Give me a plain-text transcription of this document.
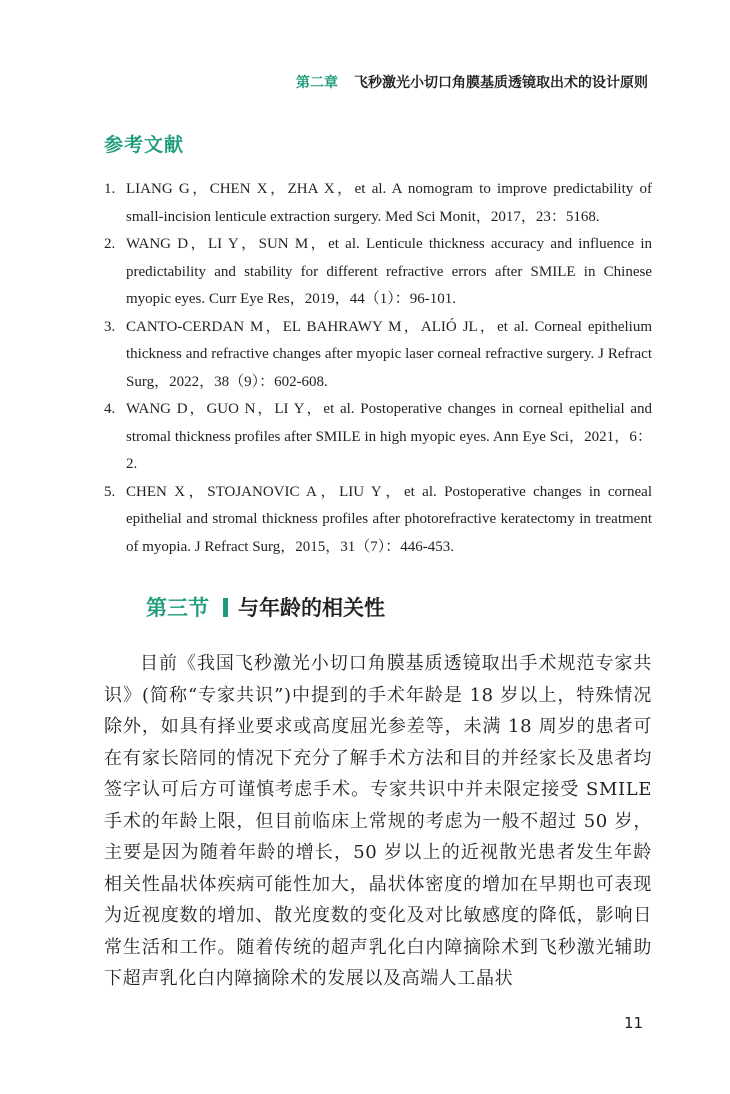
第二章 飞秒激光小切口角膜基质透镜取出术的设计原则
参考文献
1. LIANG G，CHEN X，ZHA X，et al. A nomogram to improve predictability of small-incision lenticule extraction surgery. Med Sci Monit，2017，23：5168.
2. WANG D，LI Y，SUN M，et al. Lenticule thickness accuracy and influence in predictability and stability for different refractive errors after SMILE in Chinese myopic eyes. Curr Eye Res，2019，44（1）：96-101.
3. CANTO-CERDAN M，EL BAHRAWY M，ALIÓ JL，et al. Corneal epithelium thickness and refractive changes after myopic laser corneal refractive surgery. J Refract Surg，2022，38（9）：602-608.
4. WANG D，GUO N，LI Y，et al. Postoperative changes in corneal epithelial and stromal thickness profiles after SMILE in high myopic eyes. Ann Eye Sci，2021，6：2.
5. CHEN X，STOJANOVIC A，LIU Y，et al. Postoperative changes in corneal epithelial and stromal thickness profiles after photorefractive keratectomy in treatment of myopia. J Refract Surg，2015，31（7）：446-453.
第三节 与年龄的相关性

目前《我国飞秒激光小切口角膜基质透镜取出手术规范专家共识》(简称“专家共识”)中提到的手术年龄是 18 岁以上，特殊情况除外，如具有择业要求或高度屈光参差等，未满 18 周岁的患者可在有家长陪同的情况下充分了解手术方法和目的并经家长及患者均签字认可后方可谨慎考虑手术。专家共识中并未限定接受 SMILE 手术的年龄上限，但目前临床上常规的考虑为一般不超过 50 岁，主要是因为随着年龄的增长，50 岁以上的近视散光患者发生年龄相关性晶状体疾病可能性加大，晶状体密度的增加在早期也可表现为近视度数的增加、散光度数的变化及对比敏感度的降低，影响日常生活和工作。随着传统的超声乳化白内障摘除术到飞秒激光辅助下超声乳化白内障摘除术的发展以及高端人工晶状

11
